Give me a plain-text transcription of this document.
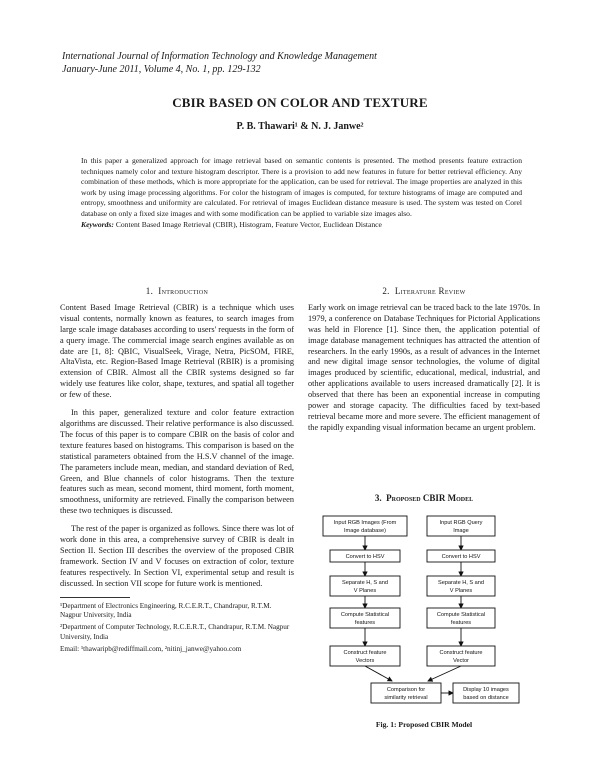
International Journal of Information Technology and Knowledge Management
January-June 2011, Volume 4, No. 1, pp. 129-132
CBIR BASED ON COLOR AND TEXTURE
P. B. Thawari¹ & N. J. Janwe²
In this paper a generalized approach for image retrieval based on semantic contents is presented. The method presents feature extraction techniques namely color and texture histogram descriptor. There is a provision to add new features in future for better retrieval efficiency. Any combination of these methods, which is more appropriate for the application, can be used for retrieval. The image properties are analyzed in this work by using image processing algorithms. For color the histogram of images is computed, for texture histograms of image are computed and entropy, smoothness and uniformity are calculated. For retrieval of images Euclidean distance measure is used. The system was tested on Corel database on only a fixed size images and with some modification can be applied to variable size images also.
Keywords: Content Based Image Retrieval (CBIR), Histogram, Feature Vector, Euclidean Distance
1. Introduction

Content Based Image Retrieval (CBIR) is a technique which uses visual contents, normally known as features, to search images from large scale image databases according to users' requests in the form of a query image. The commercial image search engines available as on date are [1, 8]: QBIC, VisualSeek, Virage, Netra, PicSOM, FIRE, AltaVista, etc. Region-Based Image Retrieval (RBIR) is a promising extension of CBIR. Almost all the CBIR systems designed so far widely use features like color, shape, textures, and spatial all together or few of these.

In this paper, generalized texture and color feature extraction algorithms are discussed. Their relative performance is also discussed. The focus of this paper is to compare CBIR on the basis of color and texture features based on histograms. This comparison is based on the statistical parameters obtained from the H.S.V channel of the image. The parameters include mean, median, and standard deviation of Red, Green, and Blue channels of color histograms. Then the texture features such as mean, second moment, third moment, forth moment, smoothness, uniformity are retrieved. Finally the comparison between these two techniques is discussed.

The rest of the paper is organized as follows. Since there was lot of work done in this area, a comprehensive survey of CBIR is dealt in Section II. Section III describes the overview of the proposed CBIR framework. Section IV and V focuses on extraction of color, texture features respectively. In Section VI, experimental setup and result is discussed. In section VII scope for future work is mentioned.

¹Department of Electronics Engineering, R.C.E.R.T., Chandrapur, R.T.M. Nagpur University, India

²Department of Computer Technology, R.C.E.R.T., Chandrapur, R.T.M. Nagpur University, India

Email: ¹thawaripb@rediffmail.com, ²nitinj_janwe@yahoo.com

2. Literature Review

Early work on image retrieval can be traced back to the late 1970s. In 1979, a conference on Database Techniques for Pictorial Applications was held in Florence [1]. Since then, the application potential of image database management techniques has attracted the attention of researchers. In the early 1990s, as a result of advances in the Internet and new digital image sensor technologies, the volume of digital images produced by scientific, educational, medical, industrial, and other applications available to users increased dramatically [2]. It is observed that there has been an exponential increase in computing power and storage capacity. The difficulties faced by text-based retrieval became more and more severe. The efficient management of the rapidly expanding visual information became an urgent problem.

3. Proposed CBIR Model
Input RGB Images (From
Image database)
Input RGB Query
Image
Convert to HSV	Convert to HSV
Separate H, S and
V Planes
Separate H, S and
V Planes
Compute Statistical
features
Compute Statistical
features
Construct feature
Vectors
Construct feature
Vector
Comparison for
similarity retrieval
Display 10 images
based on distance
Fig. 1: Proposed CBIR Model
